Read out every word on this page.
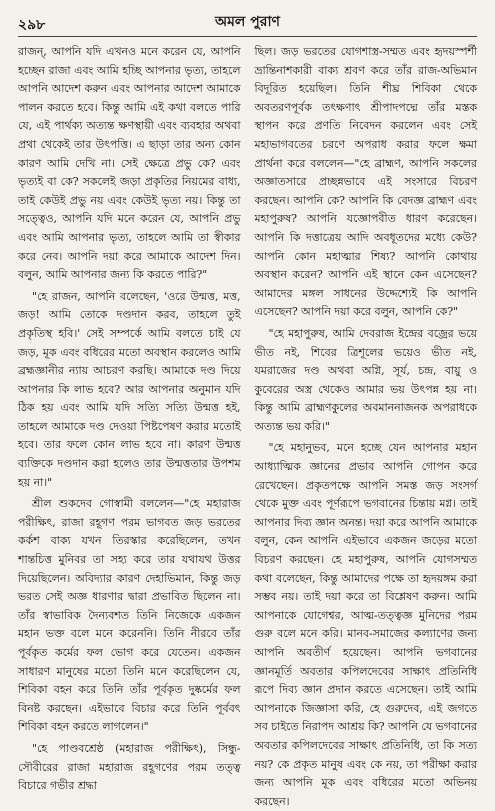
২৯৮	অমল পুরাণ

রাজন্, আপনি যদি এখনও মনে করেন যে, আপনি হচ্ছেন রাজা এবং আমি হচ্ছি আপনার ভৃত্য, তাহলে আপনি আদেশ করুন এবং আপনার আদেশ আমাকে পালন করতে হবে। কিন্তু আমি এই কথা বলতে পারি যে, এই পার্থক্য অত্যন্ত ক্ষণস্থায়ী এবং ব্যবহার অথবা প্রথা থেকেই তার উৎপত্তি। এ ছাড়া তার অন্য কোন কারণ আমি দেখি না। সেই ক্ষেত্রে প্রভু কে? এবং ভৃত্যই বা কে? সকলেই জড়া প্রকৃতির নিয়মের বাধ্য, তাই কেউই প্রভু নয় এবং কেউই ভৃত্য নয়। কিন্তু তা সত্ত্বেও, আপনি যদি মনে করেন যে, আপনি প্রভু এবং আমি আপনার ভৃত্য, তাহলে আমি তা স্বীকার করে নেব। আপনি দয়া করে আমাকে আদেশ দিন। বলুন, আমি আপনার জন্য কি করতে পারি?"

"হে রাজন, আপনি বলেছেন, 'ওরে উন্মত্ত, মত্ত, জড়! আমি তোকে দণ্ডদান করব, তাহলে তুই প্রকৃতিস্থ হবি।' সেই সম্পর্কে আমি বলতে চাই যে জড়, মূক এবং বধিরের মতো অবস্থান করলেও আমি ব্রহ্মজ্ঞানীর ন্যায় আচরণ করছি। আমাকে দণ্ড দিয়ে আপনার কি লাভ হবে? আর আপনার অনুমান যদি ঠিক হয় এবং আমি যদি সত্যি সত্যি উন্মত্ত হই, তাহলে আমাকে দণ্ড দেওয়া পিষ্টপেষণ করার মতোই হবে। তার ফলে কোন লাভ হবে না। কারণ উন্মত্ত ব্যক্তিকে দণ্ডদান করা হলেও তার উন্মত্ততার উপশম হয় না।"

শ্রীল শুকদেব গোস্বামী বললেন—"হে মহারাজ পরীক্ষিৎ, রাজা রহূগণ পরম ভাগবত জড় ভরতের কর্কশ বাক্য যখন তিরস্কার করেছিলেন, তখন শান্তচিত্ত মুনিবর তা সহ্য করে তার যথাযথ উত্তর দিয়েছিলেন। অবিদ্যার কারণ দেহাভিমান, কিন্তু জড় ভরত সেই অজ্ঞ ধারণার দ্বারা প্রভাবিত ছিলেন না। তাঁর স্বাভাবিক দৈন্যবশত তিনি নিজেকে একজন মহান ভক্ত বলে মনে করেননি। তিনি নীরবে তাঁর পূর্বকৃত কর্মের ফল ভোগ করে যেতেন। একজন সাধারণ মানুষের মতো তিনি মনে করেছিলেন যে, শিবিকা বহন করে তিনি তাঁর পূর্বকৃত দুষ্কর্মের ফল বিনষ্ট করছেন। এইভাবে বিচার করে তিনি পূর্ববৎ শিবিকা বহন করতে লাগলেন।"

"হে পাণ্ডবশ্রেষ্ঠ (মহারাজ পরীক্ষিৎ), সিন্ধু-সৌবীরের রাজা মহারাজ রহূগণের পরম তত্ত্ব বিচারে গভীর শ্রদ্ধা

ছিল। জড় ভরতের যোগশাস্ত্র-সম্মত এবং হৃদয়স্পর্শী ভ্রান্তিনাশকারী বাক্য শ্রবণ করে তাঁর রাজ-অভিমান বিদূরিত হয়েছিল। তিনি শীঘ্র শিবিকা থেকে অবতরণপূর্বক তৎক্ষণাৎ শ্রীপাদপদ্মে তাঁর মস্তক স্থাপন করে প্রণতি নিবেদন করলেন এবং সেই মহাভাগবতের চরণে অপরাধ করার ফলে ক্ষমা প্রার্থনা করে বললেন—"হে ব্রাহ্মণ, আপনি সকলের অজ্ঞাতসারে প্রচ্ছন্নভাবে এই সংসারে বিচরণ করছেন। আপনি কে? আপনি কি বেদজ্ঞ ব্রাহ্মণ এবং মহাপুরুষ? আপনি যজ্ঞোপবীত ধারণ করেছেন। আপনি কি দত্তাত্রেয় আদি অবধূতদের মধ্যে কেউ? আপনি কোন মহাত্মার শিষ্য? আপনি কোথায় অবস্থান করেন? আপনি এই স্থানে কেন এসেছেন? আমাদের মঙ্গল সাধনের উদ্দেশ্যেই কি আপনি এসেছেন? আপনি দয়া করে বলুন, আপনি কে?"

"হে মহাপুরুষ, আমি দেবরাজ ইন্দ্রের বজ্রের ভয়ে ভীত নই, শিবের ত্রিশূলের ভয়েও ভীত নই, যমরাজের দণ্ড অথবা অগ্নি, সূর্য, চন্দ্র, বায়ু ও কুবেরের অস্ত্র থেকেও আমার ভয় উৎপন্ন হয় না। কিন্তু আমি ব্রাহ্মণকুলের অবমাননাজনক অপরাধকে অত্যন্ত ভয় করি।"

"হে মহানুভব, মনে হচ্ছে যেন আপনার মহান আধ্যাত্মিক জ্ঞানের প্রভাব আপনি গোপন করে রেখেছেন। প্রকৃতপক্ষে আপনি সমস্ত জড় সংসর্গ থেকে মুক্ত এবং পূর্ণরূপে ভগবানের চিন্তায় মগ্ন। তাই আপনার দিব্য জ্ঞান অনন্ত। দয়া করে আপনি আমাকে বলুন, কেন আপনি এইভাবে একজন জড়ের মতো বিচরণ করছেন। হে মহাপুরুষ, আপনি যোগসম্মত কথা বলেছেন, কিন্তু আমাদের পক্ষে তা হৃদয়ঙ্গম করা সম্ভব নয়। তাই দয়া করে তা বিশ্লেষণ করুন। আমি আপনাকে যোগেশ্বর, আত্ম-তত্ত্বজ্ঞ মুনিদের পরম গুরু বলে মনে করি। মানব-সমাজের কল্যাণের জন্য আপনি অবতীর্ণ হয়েছেন। আপনি ভগবানের জ্ঞানমূর্তি অবতার কপিলদেবের সাক্ষাৎ প্রতিনিধি রূপে দিব্য জ্ঞান প্রদান করতে এসেছেন। তাই আমি আপনাকে জিজ্ঞাসা করি, হে গুরুদেব, এই জগতে সব চাইতে নিরাপদ আশ্রয় কি? আপনি যে ভগবানের অবতার কপিলদেবের সাক্ষাৎ প্রতিনিধি, তা কি সত্য নয়? কে প্রকৃত মানুষ এবং কে নয়, তা পরীক্ষা করার জন্য আপনি মূক এবং বধিরের মতো অভিনয় করছেন।
